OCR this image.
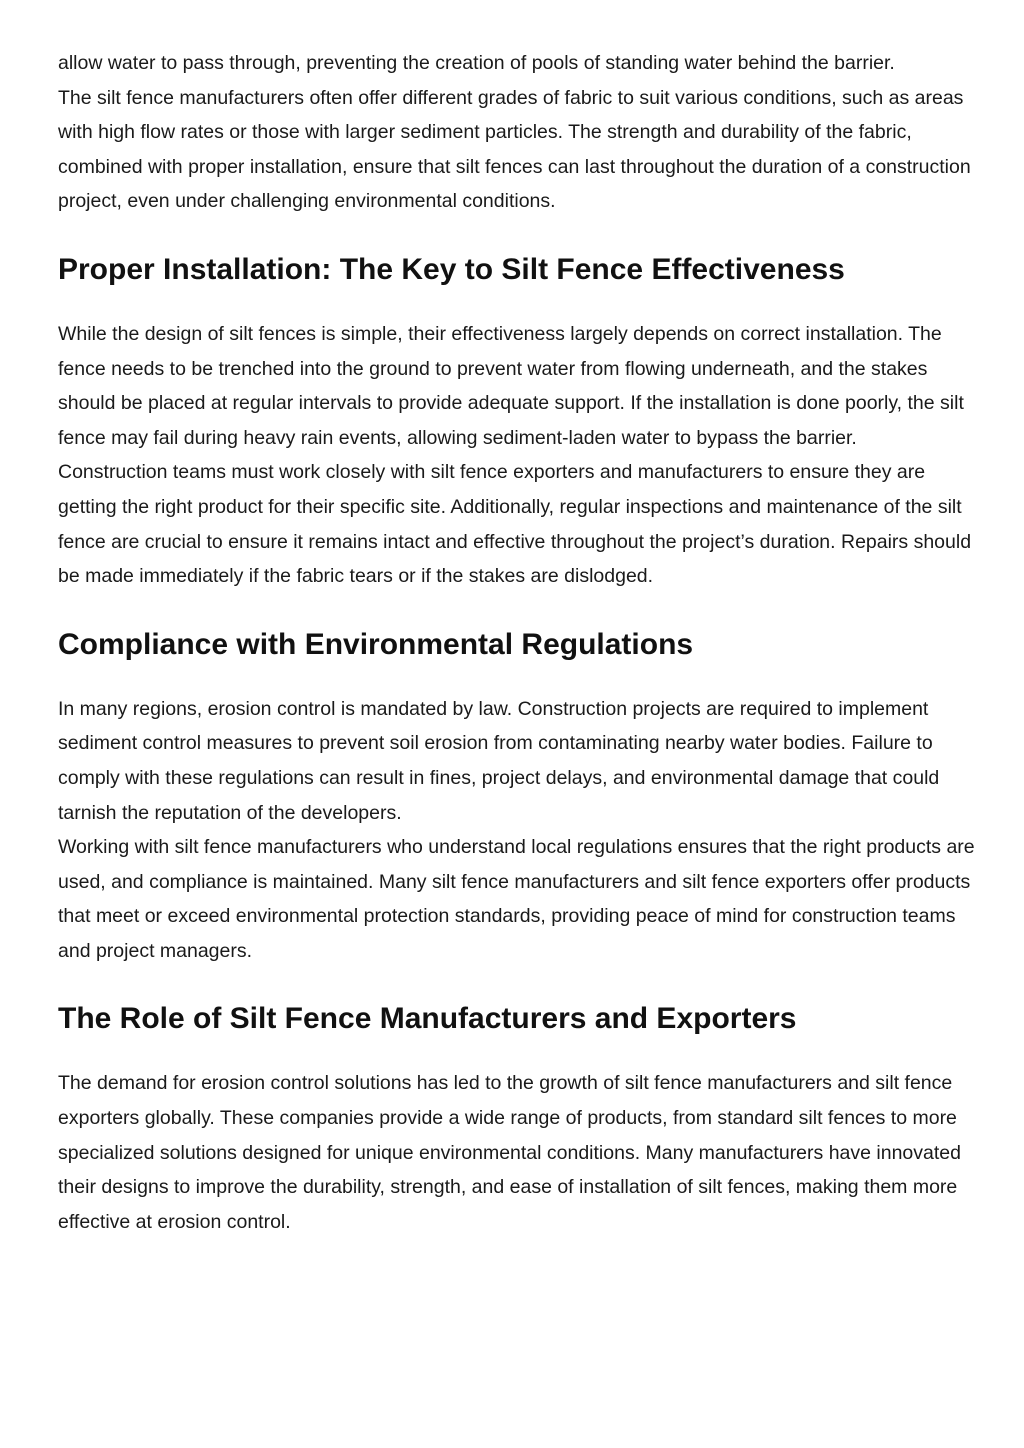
allow water to pass through, preventing the creation of pools of standing water behind the barrier.

The silt fence manufacturers often offer different grades of fabric to suit various conditions, such as areas with high flow rates or those with larger sediment particles. The strength and durability of the fabric, combined with proper installation, ensure that silt fences can last throughout the duration of a construction project, even under challenging environmental conditions.

Proper Installation: The Key to Silt Fence Effectiveness

While the design of silt fences is simple, their effectiveness largely depends on correct installation. The fence needs to be trenched into the ground to prevent water from flowing underneath, and the stakes should be placed at regular intervals to provide adequate support. If the installation is done poorly, the silt fence may fail during heavy rain events, allowing sediment-laden water to bypass the barrier.

Construction teams must work closely with silt fence exporters and manufacturers to ensure they are getting the right product for their specific site. Additionally, regular inspections and maintenance of the silt fence are crucial to ensure it remains intact and effective throughout the project’s duration. Repairs should be made immediately if the fabric tears or if the stakes are dislodged.

Compliance with Environmental Regulations

In many regions, erosion control is mandated by law. Construction projects are required to implement sediment control measures to prevent soil erosion from contaminating nearby water bodies. Failure to comply with these regulations can result in fines, project delays, and environmental damage that could tarnish the reputation of the developers.

Working with silt fence manufacturers who understand local regulations ensures that the right products are used, and compliance is maintained. Many silt fence manufacturers and silt fence exporters offer products that meet or exceed environmental protection standards, providing peace of mind for construction teams and project managers.

The Role of Silt Fence Manufacturers and Exporters

The demand for erosion control solutions has led to the growth of silt fence manufacturers and silt fence exporters globally. These companies provide a wide range of products, from standard silt fences to more specialized solutions designed for unique environmental conditions. Many manufacturers have innovated their designs to improve the durability, strength, and ease of installation of silt fences, making them more effective at erosion control.
